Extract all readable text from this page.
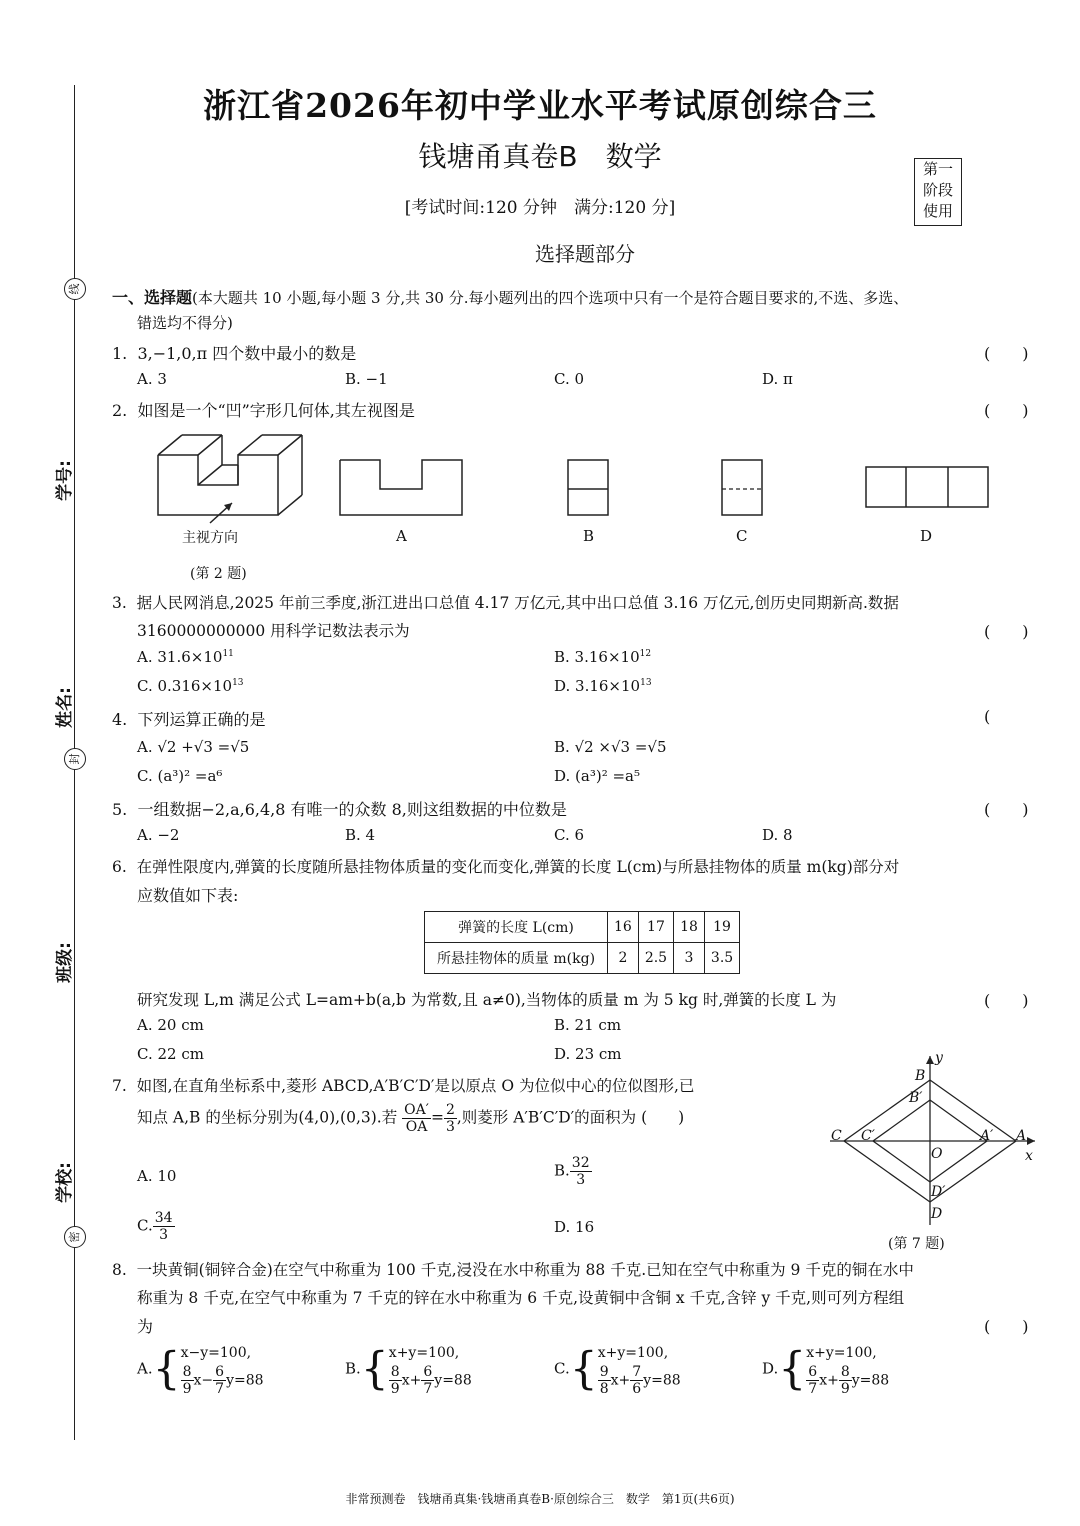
浙江省2026年初中学业水平考试原创综合三
钱塘甬真卷B　数学	第一
阶段
使用
[考试时间:120 分钟　满分:120 分]
选择题部分
线
封
密
学号:
姓名:
班级:
学校:
一、选择题(本大题共 10 小题,每小题 3 分,共 30 分.每小题列出的四个选项中只有一个是符合题目要求的,不选、多选、
错选均不得分)
1. 3,−1,0,π 四个数中最小的数是	(　　)
A. 3	B. −1	C. 0	D. π
2. 如图是一个“凹”字形几何体,其左视图是	(　　)
主视方向	A	B	C	D
(第 2 题)
3. 据人民网消息,2025 年前三季度,浙江进出口总值 4.17 万亿元,其中出口总值 3.16 万亿元,创历史同期新高.数据
3160000000000 用科学记数法表示为	(　　)
A. $31.6\times 10^{11}$	B. $3.16\times 10^{12}$
C. $0.316\times 10^{13}$	D. $3.16\times 10^{13}$
4. 下列运算正确的是	(
A. √2 +√3 =√5	B. √2 ×√3 =√5
C. (a³)² =a⁶	D. (a³)² =a⁵
5. 一组数据−2,a,6,4,8 有唯一的众数 8,则这组数据的中位数是	(　　)
A. −2	B. 4	C. 6	D. 8
6. 在弹性限度内,弹簧的长度随所悬挂物体质量的变化而变化,弹簧的长度 L(cm)与所悬挂物体的质量 m(kg)部分对
应数值如下表:
弹簧的长度 L(cm)	16	17	18	19
所悬挂物体的质量 m(kg)	2	2.5	3	3.5
研究发现 L,m 满足公式 L=am+b(a,b 为常数,且 a≠0),当物体的质量 m 为 5 kg 时,弹簧的长度 L 为	(　　)
A. 20 cm	B. 21 cm
C. 22 cm	D. 23 cm
7. 如图,在直角坐标系中,菱形 ABCD,A′B′C′D′是以原点 O 为位似中心的位似图形,已
知点 A,B 的坐标分别为(4,0),(0,3).若 $\frac{OA'}{OA} = \frac{2}{3}$ ,则菱形 A′B′C′D′的面积为 (　　)
A. 10	B. $\frac{32}{3}$
C. $\frac{34}{3}$	D. 16
y
x
B
B′
C C′
O
A′ A
D′
D
(第 7 题)
8. 一块黄铜(铜锌合金)在空气中称重为 100 千克,浸没在水中称重为 88 千克.已知在空气中称重为 9 千克的铜在水中
称重为 8 千克,在空气中称重为 7 千克的锌在水中称重为 6 千克,设黄铜中含铜 x 千克,含锌 y 千克,则可列方程组
为	(　　)
A.{ x−y=100,
$\frac{8}{9} x- \frac{6}{7} y=88$
B.{ x+y=100,
$\frac{8}{9} x+ \frac{6}{7} y=88$
C.{ x+y=100,
$\frac{9}{8} x+ \frac{7}{6} y=88$
D.{ x+y=100,
$\frac{6}{7} x+ \frac{8}{9} y=88$
非常预测卷　钱塘甬真集·钱塘甬真卷B·原创综合三　数学　第1页(共6页)
